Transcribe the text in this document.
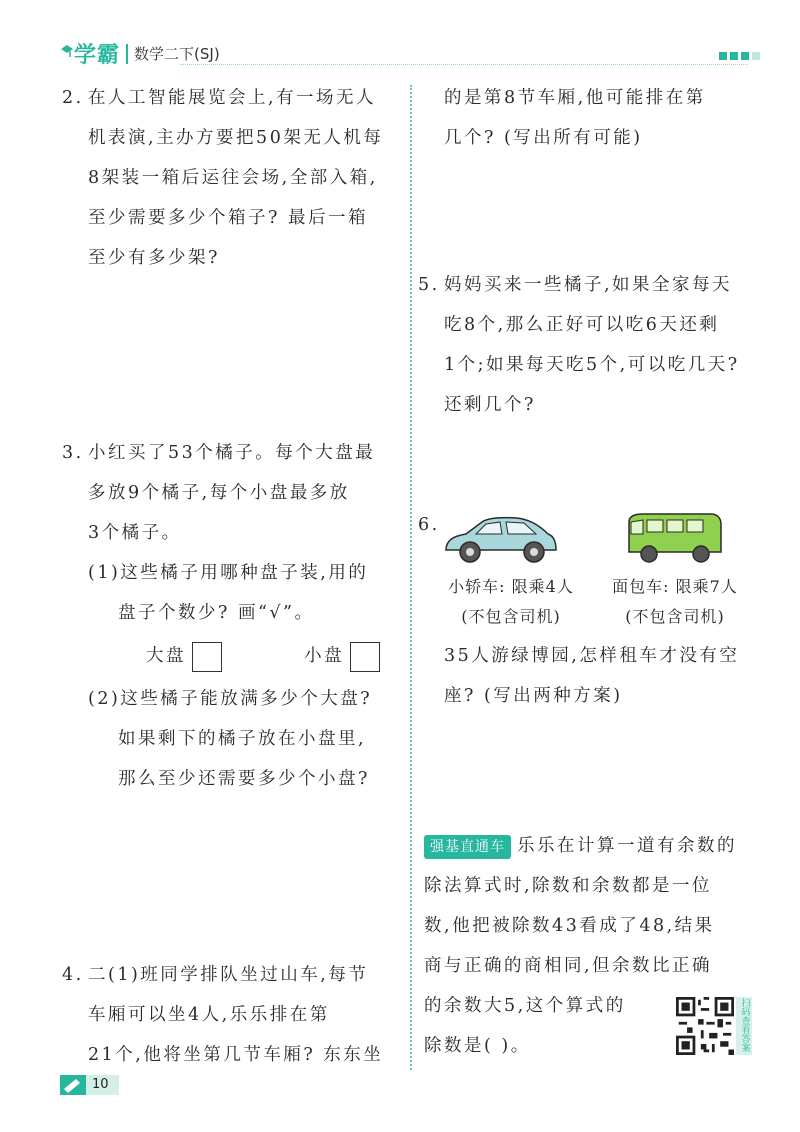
学霸 数学二下(SJ)
2. 在人工智能展览会上,有一场无人
机表演,主办方要把50架无人机每
8架装一箱后运往会场,全部入箱,
至少需要多少个箱子? 最后一箱
至少有多少架?
3. 小红买了53个橘子。每个大盘最
多放9个橘子,每个小盘最多放
3个橘子。
(1)这些橘子用哪种盘子装,用的
盘子个数少? 画“√”。
大盘	小盘
(2)这些橘子能放满多少个大盘?
如果剩下的橘子放在小盘里,
那么至少还需要多少个小盘?
4. 二(1)班同学排队坐过山车,每节
车厢可以坐4人,乐乐排在第
21个,他将坐第几节车厢? 东东坐
的是第8节车厢,他可能排在第
几个? (写出所有可能)
5. 妈妈买来一些橘子,如果全家每天
吃8个,那么正好可以吃6天还剩
1个;如果每天吃5个,可以吃几天?
还剩几个?
6.
小轿车: 限乘4人
(不包含司机)
面包车: 限乘7人
(不包含司机)
35人游绿博园,怎样租车才没有空
座? (写出两种方案)
强基直通车 乐乐在计算一道有余数的
除法算式时,除数和余数都是一位
数,他把被除数43看成了48,结果
商与正确的商相同,但余数比正确
的余数大5,这个算式的
除数是( )。	扫码查看答案
10
